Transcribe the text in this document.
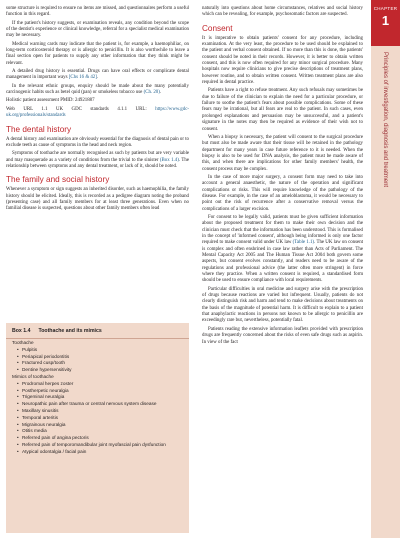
CHAPTER
1
Principles of investigation, diagnosis and treatment

some structure is required to ensure no items are missed, and questionnaires perform a useful function in this regard.

If the patient's history suggests, or examination reveals, any condition beyond the scope of the dentist's experience or clinical knowledge, referral for a specialist medical examination may be necessary.

Medical warning cards may indicate that the patient is, for example, a haemophiliac, on long-term corticosteroid therapy or is allergic to penicillin. It is also worthwhile to leave a final section open for patients to supply any other information that they think might be relevant.

A detailed drug history is essential. Drugs can have oral effects or complicate dental management in important ways [Chs 16 & 42].

In the relevant ethnic groups, enquiry should be made about the many potentially carcinogenic habits such as betel quid (pan) or smokeless tobacco use (Ch. 20).

Holistic patient assessment PMID: 24921887

Web URL 1.1 UK GDC standards 4.1.1 URL: https://www.gdc-uk.org/professionals/standards

The dental history

A dental history and examination are obviously essential for the diagnosis of dental pain or to exclude teeth as cause of symptoms in the head and neck region.

Symptoms of toothache are normally recognised as such by patients but are very variable and may masquerade as a variety of conditions from the trivial to the sinister (Box 1.4). The relationship between symptoms and any dental treatment, or lack of it, should be noted.

The family and social history

Whenever a symptom or sign suggests an inherited disorder, such as haemophilia, the family history should be elicited. Ideally, this is recorded as a pedigree diagram noting the proband (presenting case) and all family members for at least three generations. Even when no familial disease is suspected, questions about other family members often lead

Box 1.4 Toothache and its mimics
Toothache
• Pulpitis
• Periapical periodontitis
• Fractured cusp/tooth
• Dentine hypersensitivity
Mimics of toothache
• Prodromal herpes zoster
• Postherpetic neuralgia
• Trigeminal neuralgia
• Neuropathic pain after trauma or central nervous system disease
• Maxillary sinusitis
• Temporal arteritis
• Migrainous neuralgia
• Otitis media
• Referred pain of angina pectoris
• Referred pain of temporomandibular joint myofascial pain dysfunction
• Atypical odontalgia / facial pain

naturally into questions about home circumstances, relatives and social history which can be revealing, for example, psychosomatic factors are suspected.

Consent

It is imperative to obtain patients' consent for any procedure, including examination. At the very least, the procedure to be used should be explained to the patient and verbal consent obtained. If no more than this is done, the patients' consent should be noted in their records. However, it is better to obtain written consent, and this is now often required for any minor surgical procedure. Many hospitals now require clinicians to give precise descriptions of treatment plans, however routine, and to obtain written consent. Written treatment plans are also required in dental practice.

Patients have a right to refuse treatment. Any such refusals may sometimes be due to failure of the clinician to explain the need for a particular procedure, or failure to soothe the patient's fears about possible complications. Some of these fears may be irrational, but all fears are real to the patient. In such cases, even prolonged explanations and persuasion may be unsuccessful, and a patient's signature in the notes may then be required as evidence of their wish not to consent.

When a biopsy is necessary, the patient will consent to the surgical procedure but must also be made aware that their tissue will be retained in the pathology department for many years in case future reference to it is needed. When the biopsy is also to be used for DNA analysis, the patient must be made aware of this, and when there are implications for other family members' health, the consent process may be complex.

In the case of more major surgery, a consent form may need to take into account a general anaesthetic, the nature of the operation and significant complications or risks. This will require knowledge of the pathology of the disease. For example, in the case of an ameloblastoma, it would be necessary to point out the risk of recurrence after a conservative removal versus the complications of a larger excision.

For consent to be legally valid, patients must be given sufficient information about the proposed treatment for them to make their own decision and the clinician must check that the information has been understood. This is formalised in the concept of 'informed consent', although being informed is only one factor required to make consent valid under UK law (Table 1.1). The UK law on consent is complex and often enshrined in case law rather than Acts of Parliament. The Mental Capacity Act 2005 and The Human Tissue Act 2004 both govern some aspects, but consent evolves constantly, and readers need to be aware of the regulations and professional advice (the latter often more stringent) in force where they practice. When a written consent is required, a standardised form should be used to ensure compliance with local requirements.

Particular difficulties in oral medicine and surgery arise with the prescription of drugs because reactions are varied but infrequent. Usually, patients do not clearly distinguish risk and harm and tend to make decisions about treatments on the basis of the magnitude of potential harm. It is difficult to explain to a patient that anaphylactic reactions in persons not known to be allergic to penicillin are exceedingly rare but, nevertheless, potentially fatal.

Patients reading the extensive information leaflets provided with prescription drugs are frequently concerned about the risks of even safe drugs such as aspirin. In view of the fact
